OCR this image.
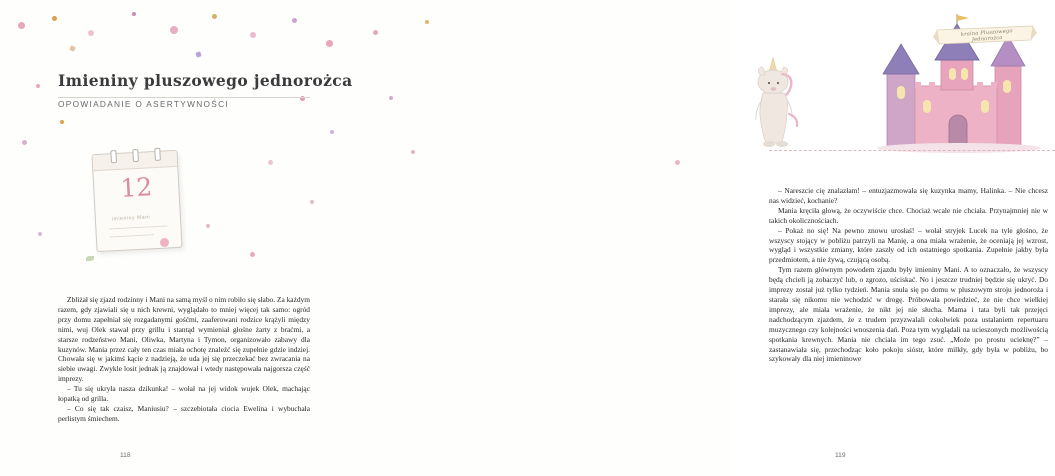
Imieniny pluszowego jednorożca

OPOWIADANIE O ASERTYWNOŚCI

12
imieniny Mani

Zbliżał się zjazd rodzinny i Mani na samą myśl o nim robiło się słabo. Za każdym razem, gdy zjawiali się u nich krewni, wyglądało to mniej więcej tak samo: ogród przy domu zapełniał się rozgadanymi gośćmi, zaaferowani rodzice krążyli między nimi, wuj Olek stawał przy grillu i stantąd wymieniał głośne żarty z braćmi, a starsze rodzeństwo Mani, Oliwka, Martyna i Tymon, organizowało zabawy dla kuzynów. Mania przez cały ten czas miała ochotę znaleźć się zupełnie gdzie indziej. Chowała się w jakimś kącie z nadzieją, że uda jej się przeczekać bez zwracania na siebie uwagi. Zwykle losit jednak ją znajdował i wtedy następowała najgorsza część imprezy.

– Tu się ukryła nasza dzikunka! – wołał na jej widok wujek Olek, machając łopatką od grilla.

– Co się tak czaisz, Maniusiu? – szczebiotała ciocia Ewelina i wybuchała perlistym śmiechem.

118
kraina Pluszowego Jednorożca

– Nareszcie cię znalazłam! – entuzjazmowała się kuzynka mamy, Halinka. – Nie chcesz nas widzieć, kochanie?

Mania kręciła głową, że oczywiście chce. Chociaż wcale nie chciała. Przynajmniej nie w takich okolicznościach.

– Pokaż no się! Na pewno znowu urosłaś! – wołał stryjek Lucek na tyle głośno, że wszyscy stojący w pobliżu patrzyli na Manię, a ona miała wrażenie, że oceniają jej wzrost, wygląd i wszystkie zmiany, które zaszły od ich ostatniego spotkania. Zupełnie jakby była przedmiotem, a nie żywą, czującą osobą.

Tym razem głównym powodem zjazdu były imieniny Mani. A to oznaczało, że wszyscy będą chcieli ją zobaczyć lub, o zgrozo, uściskać. No i jeszcze trudniej będzie się ukryć. Do imprezy został już tylko tydzień. Mania snuła się po domu w pluszowym stroju jednoroża i starała się nikomu nie wchodzić w drogę. Próbowała powiedzieć, że nie chce wielkiej imprezy, ale miała wrażenie, że nikt jej nie słucha. Mama i tata byli tak przejęci nadchodzącym zjazdem, że z trudem przyzwalali cokolwiek poza ustalaniem repertuaru muzycznego czy kolejności wnoszenia dań. Poza tym wyglądali na ucieszonych możliwością spotkania krewnych. Mania nie chciała im tego zsuć. „Może po prostu ucieknę?” – zastanawiała się, przechodząc koło pokoju sióstr, które milkły, gdy była w pobliżu, bo szykowały dla niej imieninowe

119
